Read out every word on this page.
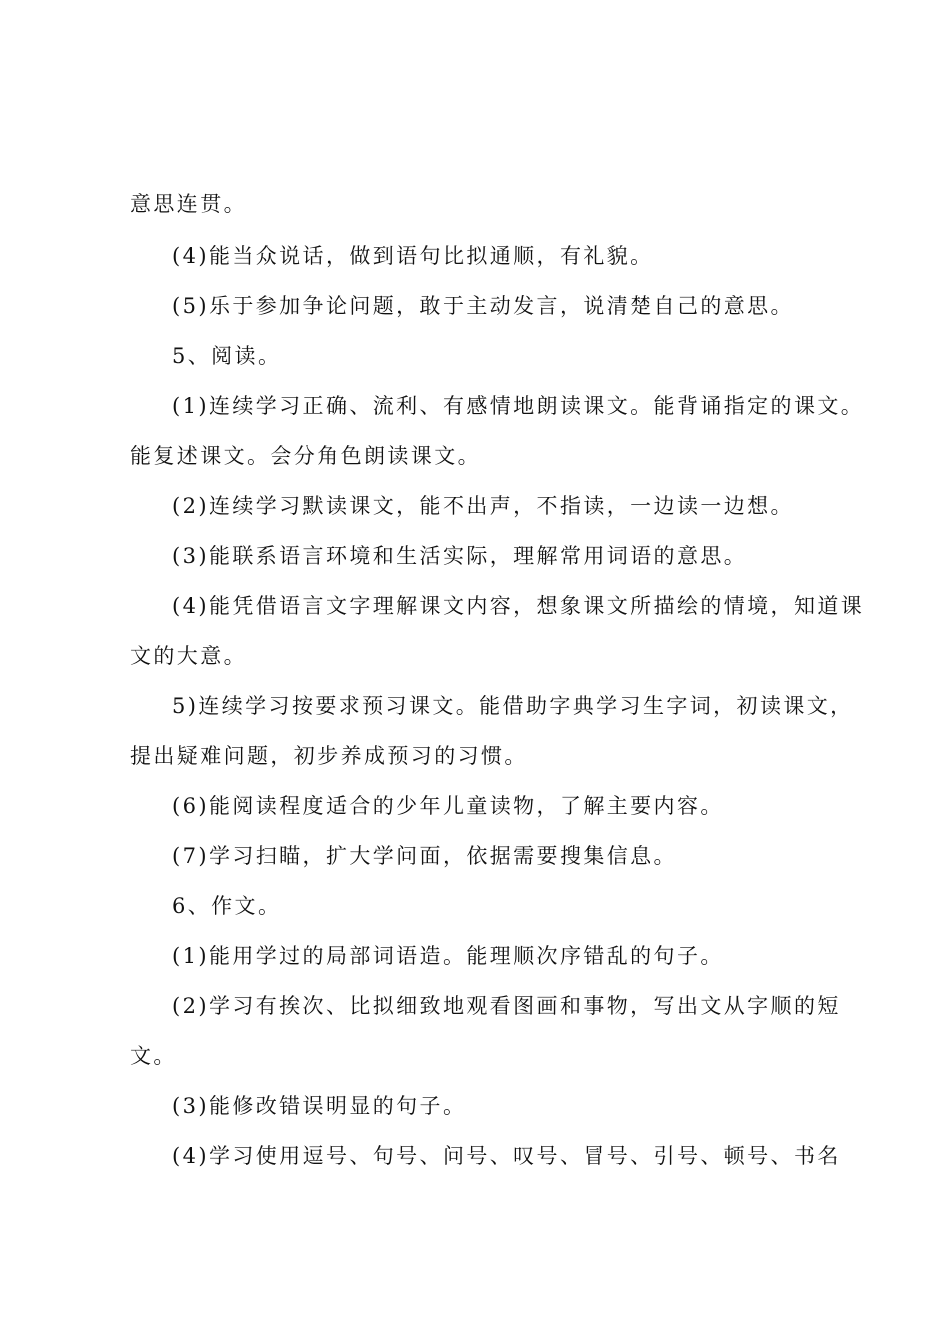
意思连贯。
(4)能当众说话，做到语句比拟通顺，有礼貌。
(5)乐于参加争论问题，敢于主动发言，说清楚自己的意思。
5、阅读。
(1)连续学习正确、流利、有感情地朗读课文。能背诵指定的课文。
能复述课文。会分角色朗读课文。
(2)连续学习默读课文，能不出声，不指读，一边读一边想。
(3)能联系语言环境和生活实际，理解常用词语的意思。
(4)能凭借语言文字理解课文内容，想象课文所描绘的情境，知道课
文的大意。
5)连续学习按要求预习课文。能借助字典学习生字词，初读课文，
提出疑难问题，初步养成预习的习惯。
(6)能阅读程度适合的少年儿童读物，了解主要内容。
(7)学习扫瞄，扩大学问面，依据需要搜集信息。
6、作文。
(1)能用学过的局部词语造。能理顺次序错乱的句子。
(2)学习有挨次、比拟细致地观看图画和事物，写出文从字顺的短
文。
(3)能修改错误明显的句子。
(4)学习使用逗号、句号、问号、叹号、冒号、引号、顿号、书名
